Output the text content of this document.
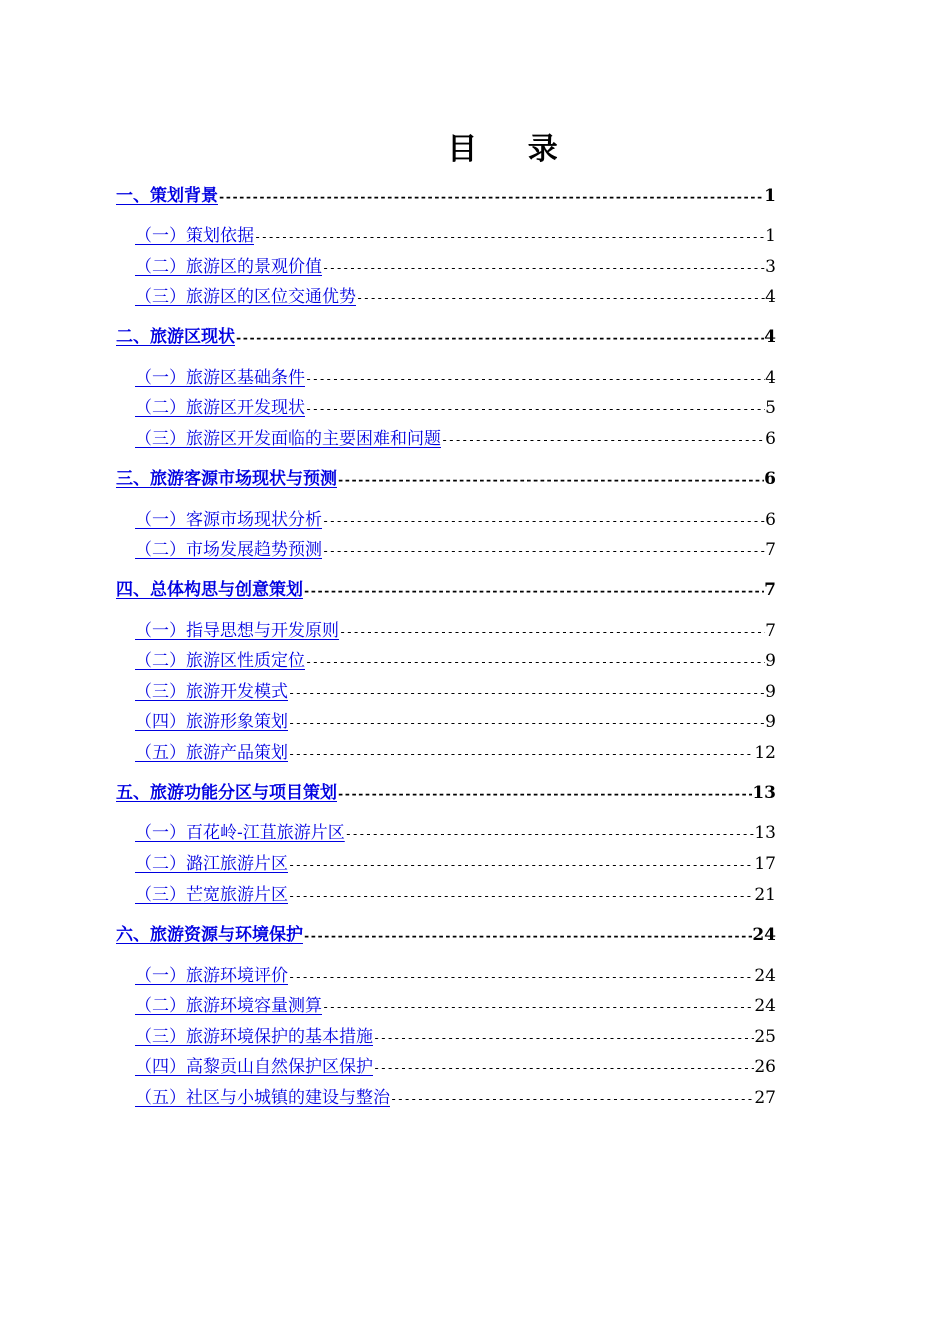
目 录
一、策划背景 -----	1
（一）策划依据 -----	1
（二）旅游区的景观价值 -----	3
（三）旅游区的区位交通优势 -----	4
二、旅游区现状 -----	4
（一）旅游区基础条件 -----	4
（二）旅游区开发现状 -----	5
（三）旅游区开发面临的主要困难和问题 -----	6
三、旅游客源市场现状与预测 -----	6
（一）客源市场现状分析 -----	6
（二）市场发展趋势预测 -----	7
四、总体构思与创意策划 -----	7
（一）指导思想与开发原则 -----	7
（二）旅游区性质定位 -----	9
（三）旅游开发模式 -----	9
（四）旅游形象策划 -----	9
（五）旅游产品策划 -----	12
五、旅游功能分区与项目策划 -----	13
（一）百花岭-江苴旅游片区 -----	13
（二）潞江旅游片区 -----	17
（三）芒宽旅游片区 -----	21
六、旅游资源与环境保护 -----	24
（一）旅游环境评价 -----	24
（二）旅游环境容量测算 -----	24
（三）旅游环境保护的基本措施 -----	25
（四）高黎贡山自然保护区保护 -----	26
（五）社区与小城镇的建设与整治 -----	27
